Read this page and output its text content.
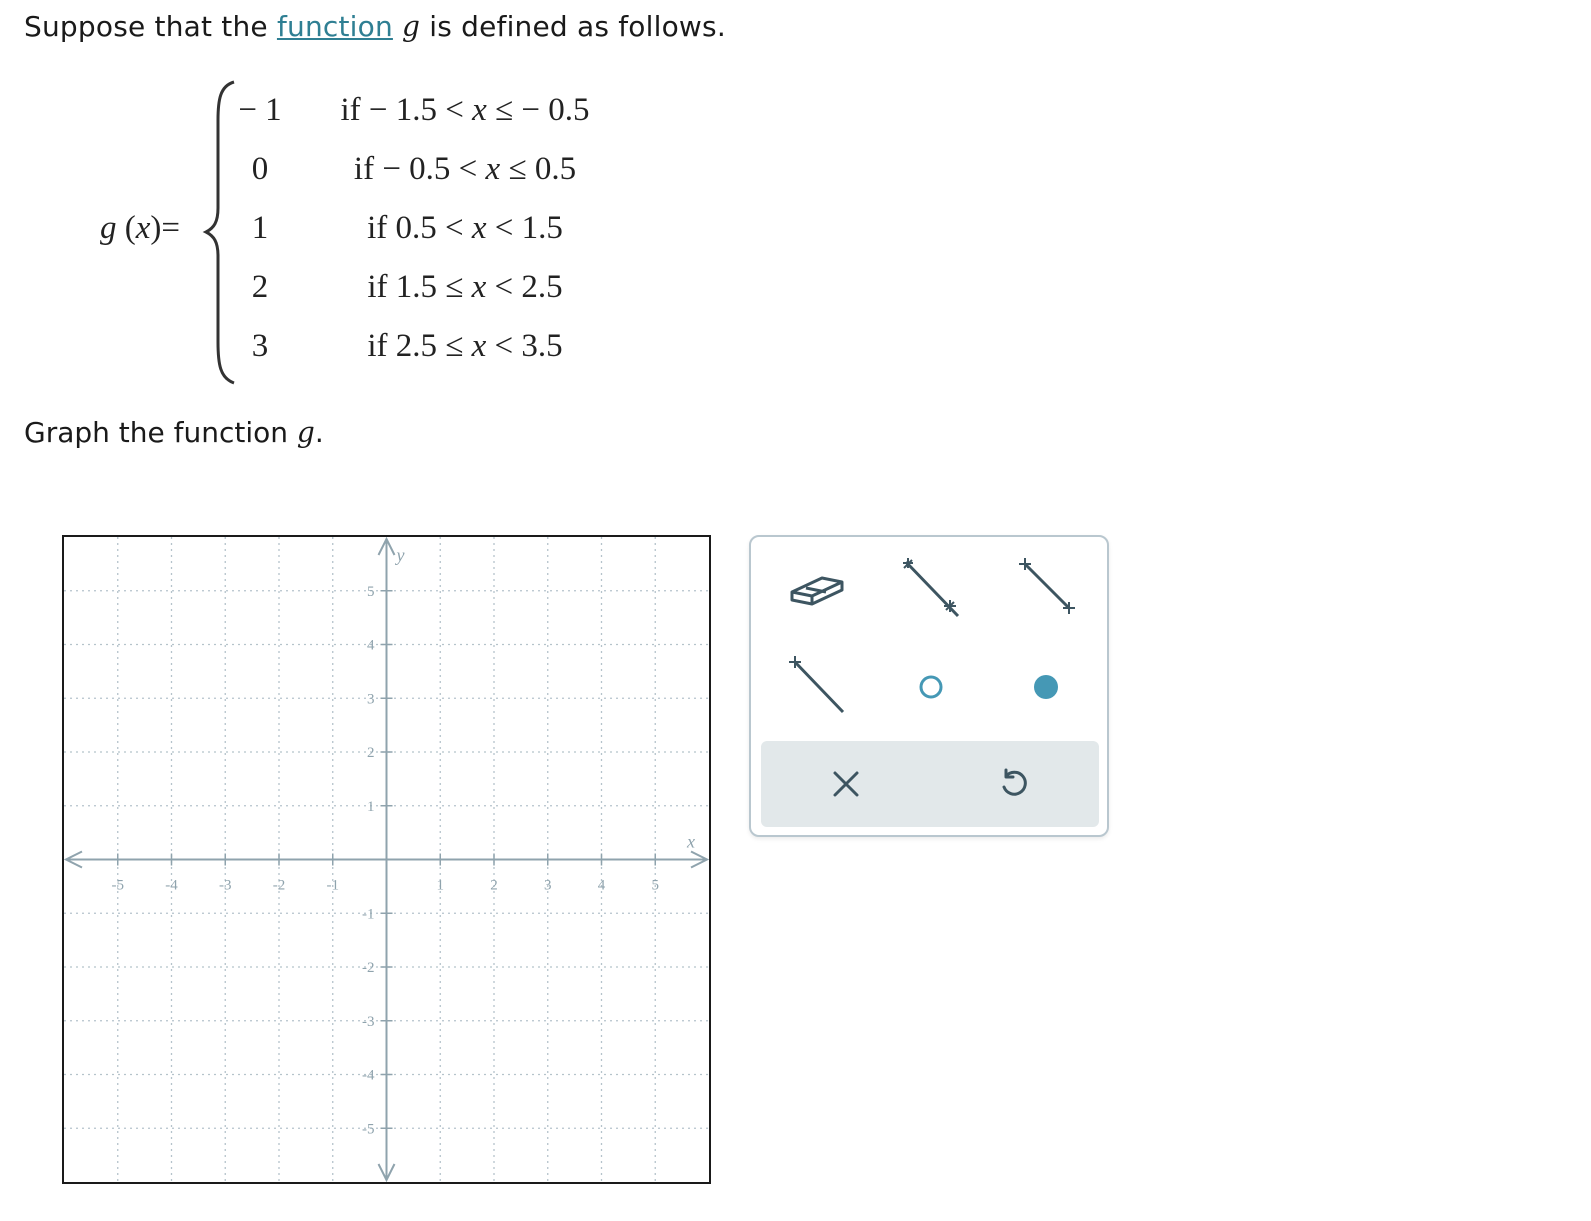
Suppose that the function g is defined as follows.
g (x)=
− 1	if − 1.5 < x ≤ − 0.5
0	if − 0.5 < x ≤ 0.5
1	if 0.5 < x < 1.5
2	if 1.5 ≤ x < 2.5
3	if 2.5 ≤ x < 3.5
Graph the function g.
-5	-4	-3	-2	-1	1	2	3	4	5
5
4
3
2
1
-1
-2
-3
-4
-5
x
y
